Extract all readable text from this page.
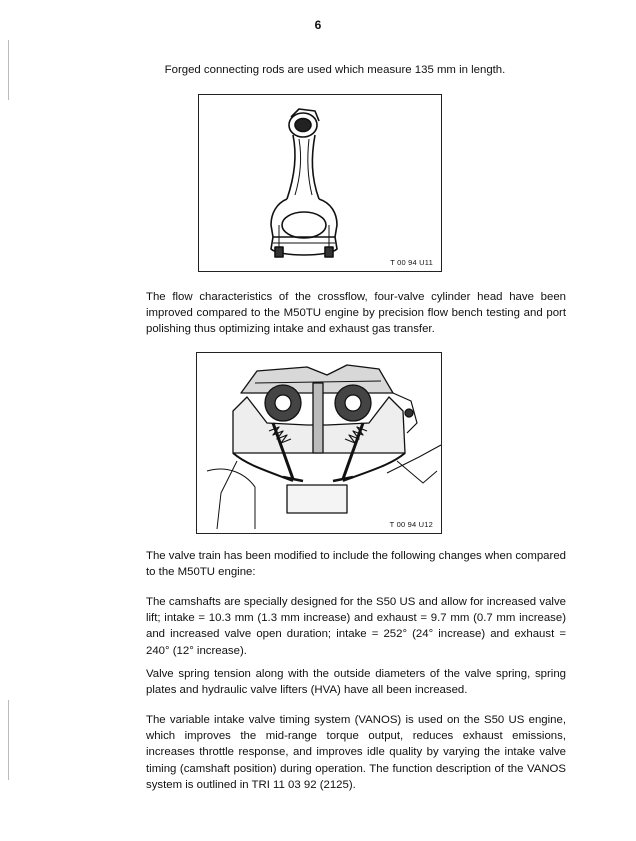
6
Forged connecting rods are used which measure 135 mm in length.
T 00 94 U11
The flow characteristics of the crossflow, four-valve cylinder head have been improved compared to the M50TU engine by precision flow bench testing and port polishing thus optimizing intake and exhaust gas transfer.
T 00 94 U12
The valve train has been modified to include the following changes when compared to the M50TU engine:
The camshafts are specially designed for the S50 US and allow for increased valve lift; intake = 10.3 mm (1.3 mm increase) and exhaust = 9.7 mm (0.7 mm increase) and increased valve open duration; intake = 252° (24° increase) and exhaust = 240° (12° increase).
Valve spring tension along with the outside diameters of the valve spring, spring plates and hydraulic valve lifters (HVA) have all been increased.
The variable intake valve timing system (VANOS) is used on the S50 US engine, which improves the mid-range torque output, reduces exhaust emissions, increases throttle response, and improves idle quality by varying the intake valve timing (camshaft position) during operation. The function description of the VANOS system is outlined in TRI 11 03 92 (2125).
